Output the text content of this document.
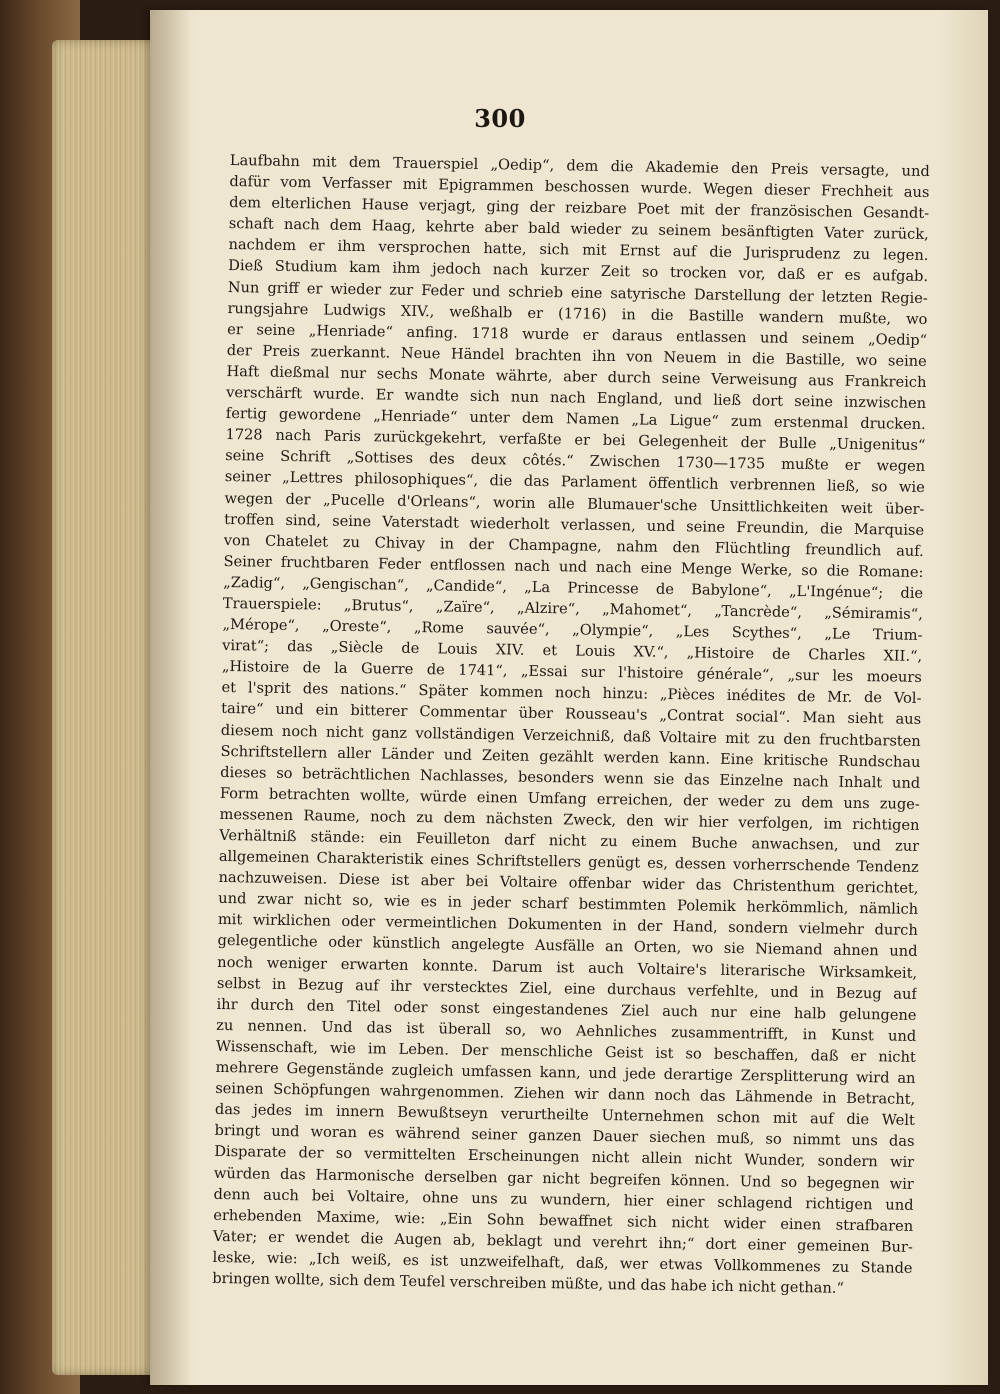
300
Laufbahn mit dem Trauerspiel „Oedip“, dem die Akademie den Preis versagte, und
dafür vom Verfasser mit Epigrammen beschossen wurde. Wegen dieser Frechheit aus
dem elterlichen Hause verjagt, ging der reizbare Poet mit der französischen Gesandt-
schaft nach dem Haag, kehrte aber bald wieder zu seinem besänftigten Vater zurück,
nachdem er ihm versprochen hatte, sich mit Ernst auf die Jurisprudenz zu legen.
Dieß Studium kam ihm jedoch nach kurzer Zeit so trocken vor, daß er es aufgab.
Nun griff er wieder zur Feder und schrieb eine satyrische Darstellung der letzten Regie-
rungsjahre Ludwigs XIV., weßhalb er (1716) in die Bastille wandern mußte, wo
er seine „Henriade“ anfing. 1718 wurde er daraus entlassen und seinem „Oedip“
der Preis zuerkannt. Neue Händel brachten ihn von Neuem in die Bastille, wo seine
Haft dießmal nur sechs Monate währte, aber durch seine Verweisung aus Frankreich
verschärft wurde. Er wandte sich nun nach England, und ließ dort seine inzwischen
fertig gewordene „Henriade“ unter dem Namen „La Ligue“ zum erstenmal drucken.
1728 nach Paris zurückgekehrt, verfaßte er bei Gelegenheit der Bulle „Unigenitus“
seine Schrift „Sottises des deux côtés.“ Zwischen 1730—1735 mußte er wegen
seiner „Lettres philosophiques“, die das Parlament öffentlich verbrennen ließ, so wie
wegen der „Pucelle d'Orleans“, worin alle Blumauer'sche Unsittlichkeiten weit über-
troffen sind, seine Vaterstadt wiederholt verlassen, und seine Freundin, die Marquise
von Chatelet zu Chivay in der Champagne, nahm den Flüchtling freundlich auf.
Seiner fruchtbaren Feder entflossen nach und nach eine Menge Werke, so die Romane:
„Zadig“, „Gengischan“, „Candide“, „La Princesse de Babylone“, „L'Ingénue“; die
Trauerspiele: „Brutus“, „Zaïre“, „Alzire“, „Mahomet“, „Tancrède“, „Sémiramis“,
„Mérope“, „Oreste“, „Rome sauvée“, „Olympie“, „Les Scythes“, „Le Trium-
virat“; das „Siècle de Louis XIV. et Louis XV.“, „Histoire de Charles XII.“,
„Histoire de la Guerre de 1741“, „Essai sur l'histoire générale“, „sur les moeurs
et l'sprit des nations.“ Später kommen noch hinzu: „Pièces inédites de Mr. de Vol-
taire“ und ein bitterer Commentar über Rousseau's „Contrat social“. Man sieht aus
diesem noch nicht ganz vollständigen Verzeichniß, daß Voltaire mit zu den fruchtbarsten
Schriftstellern aller Länder und Zeiten gezählt werden kann. Eine kritische Rundschau
dieses so beträchtlichen Nachlasses, besonders wenn sie das Einzelne nach Inhalt und
Form betrachten wollte, würde einen Umfang erreichen, der weder zu dem uns zuge-
messenen Raume, noch zu dem nächsten Zweck, den wir hier verfolgen, im richtigen
Verhältniß stände: ein Feuilleton darf nicht zu einem Buche anwachsen, und zur
allgemeinen Charakteristik eines Schriftstellers genügt es, dessen vorherrschende Tendenz
nachzuweisen. Diese ist aber bei Voltaire offenbar wider das Christenthum gerichtet,
und zwar nicht so, wie es in jeder scharf bestimmten Polemik herkömmlich, nämlich
mit wirklichen oder vermeintlichen Dokumenten in der Hand, sondern vielmehr durch
gelegentliche oder künstlich angelegte Ausfälle an Orten, wo sie Niemand ahnen und
noch weniger erwarten konnte. Darum ist auch Voltaire's literarische Wirksamkeit,
selbst in Bezug auf ihr verstecktes Ziel, eine durchaus verfehlte, und in Bezug auf
ihr durch den Titel oder sonst eingestandenes Ziel auch nur eine halb gelungene
zu nennen. Und das ist überall so, wo Aehnliches zusammentrifft, in Kunst und
Wissenschaft, wie im Leben. Der menschliche Geist ist so beschaffen, daß er nicht
mehrere Gegenstände zugleich umfassen kann, und jede derartige Zersplitterung wird an
seinen Schöpfungen wahrgenommen. Ziehen wir dann noch das Lähmende in Betracht,
das jedes im innern Bewußtseyn verurtheilte Unternehmen schon mit auf die Welt
bringt und woran es während seiner ganzen Dauer siechen muß, so nimmt uns das
Disparate der so vermittelten Erscheinungen nicht allein nicht Wunder, sondern wir
würden das Harmonische derselben gar nicht begreifen können. Und so begegnen wir
denn auch bei Voltaire, ohne uns zu wundern, hier einer schlagend richtigen und
erhebenden Maxime, wie: „Ein Sohn bewaffnet sich nicht wider einen strafbaren
Vater; er wendet die Augen ab, beklagt und verehrt ihn;“ dort einer gemeinen Bur-
leske, wie: „Ich weiß, es ist unzweifelhaft, daß, wer etwas Vollkommenes zu Stande
bringen wollte, sich dem Teufel verschreiben müßte, und das habe ich nicht gethan.“
